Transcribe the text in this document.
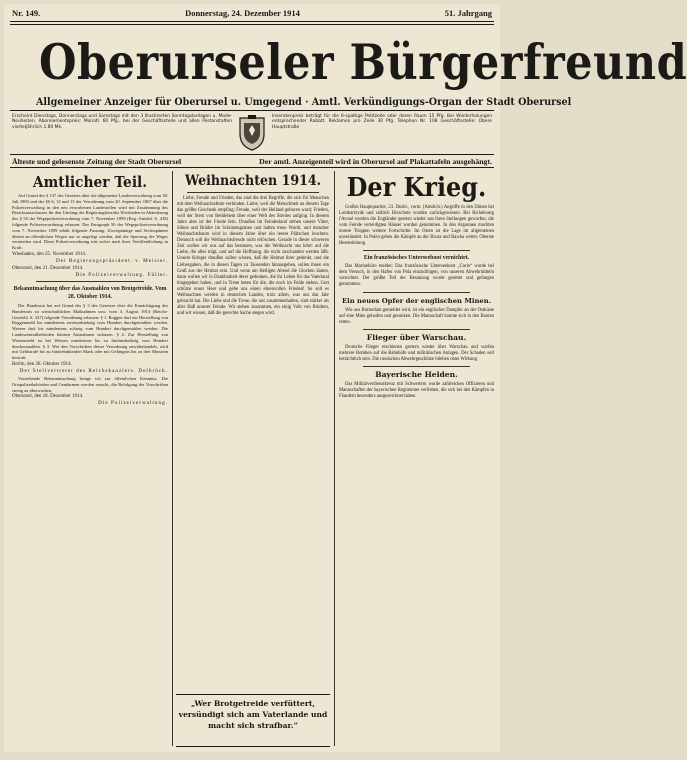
Nr. 149.	Donnerstag, 24. Dezember 1914	51. Jahrgang
Oberurseler Bürgerfreund
Allgemeiner Anzeiger für Oberursel u. Umgegend · Amtl. Verkündigungs-Organ der Stadt Oberursel
Erscheint Dienstags, Donnerstags und Samstags mit den 3 Illustrierten Sonntagsbeilagen u. Mode-Neuheiten. Abonnementspreis: Monatl. 60 Pfg., bei der Geschäftsstelle und allen Postanstalten vierteljährlich 1.80 Mk.
Inseratenpreis beträgt für die 6-spaltige Petitzeile oder deren Raum 15 Pfg. Bei Wiederholungen entsprechender Rabatt. Reklamen pro Zeile 30 Pfg. Telephon Nr. 108 Geschäftsstelle: Obere Hauptstraße
Älteste und gelesenste Zeitung der Stadt Oberursel	Der amtl. Anzeigenteil wird in Oberursel auf Plakattafeln ausgehängt.
Amtlicher Teil.

Auf Grund des § 137 des Gesetzes über die allgemeine Landesverwaltung vom 30. Juli 1883 und der §§ 6, 12 und 15 der Verordnung vom 20. September 1867 über die Polizeiverwaltung in den neu erworbenen Landesteilen wird mit Zustimmung des Bezirksausschusses für den Umfang des Regierungsbezirks Wiesbaden in Abänderung des § 50 der Wegepolizeiverordnung vom 7. November 1899 (Reg.-Amtsbl. S. 418) folgende Polizeiverordnung erlassen: Der Paragraph 50 der Wegepolizeiverordnung vom 7. November 1899 erhält folgende Fassung: Zweispännige und Sechsspänner dürfen an öffentlichen Wegen nur so angelegt werden, daß die Sperrung des Weges vermieden wird. Diese Polizeiverordnung tritt sofort nach ihrer Veröffentlichung in Kraft.

Wiesbaden, den 25. November 1914.
Der Regierungspräsident. v. Meister.
Oberursel, den 21. Dezember 1914.
Die Polizeiverwaltung. Füller.
Bekanntmachung über das Ausmahlen von Brotgetreide. Vom 28. Oktober 1914.

Der Bundesrat hat auf Grund des § 3 des Gesetzes über die Ermächtigung des Bundesrats zu wirtschaftlichen Maßnahmen usw. vom 4. August 1914 (Reichs-Gesetzbl. S. 327) folgende Verordnung erlassen: § 1. Roggen darf zur Herstellung von Roggenmehl bis mindestens zweiundsiebzig vom Hundert durchgemahlen werden. Weizen darf bis mindestens achtzig vom Hundert durchgemahlen werden. Die Landeszentralbehörden können Ausnahmen zulassen. § 2. Zur Herstellung von Weizenmehl ist bei Weizen mindestens bis zu fünfundsiebzig vom Hundert durchzumahlen. § 3. Wer den Vorschriften dieser Verordnung zuwiderhandelt, wird mit Geldstrafe bis zu fünfzehnhundert Mark oder mit Gefängnis bis zu drei Monaten bestraft.

Berlin, den 28. Oktober 1914.
Der Stellvertreter des Reichskanzlers. Delbrück.

Vorstehende Bekanntmachung bringe ich zur öffentlichen Kenntnis. Die Ortspolizeibehörden und Gendarmen werden ersucht, die Befolgung der Vorschriften streng zu überwachen.

Oberursel, den 18. Dezember 1914.
Die Polizeiverwaltung.
Weihnachten 1914.

Liebe, Freude und Frieden, das sind die drei Begriffe, die sich für Menschen mit dem Weihnachtsfeste verbinden. Liebe, weil die Menschheit an diesem Tage das größte Geschenk empfing; Freude, weil der Heiland geboren ward; Frieden, weil der Stern von Bethlehem über einer Welt des Streites aufging. In diesem Jahre aber ist der Friede fern. Draußen im Feindesland stehen unsere Väter, Söhne und Brüder im Schützengraben und halten treue Wacht, und mancher Weihnachtsbaum wird in diesem Jahre über ein leeres Plätzchen leuchten. Dennoch soll die Weihnachtsfreude nicht erlöschen. Gerade in dieser schweren Zeit wollen wir uns auf das besinnen, was die Weihnacht uns lehrt: auf die Liebe, die alles trägt, und auf die Hoffnung, die nicht zuschanden werden läßt. Unsere Krieger draußen sollen wissen, daß die Heimat ihrer gedenkt, und die Liebesgaben, die in diesen Tagen zu Tausenden hinausgehen, sollen ihnen ein Gruß aus der Heimat sein. Und wenn am Heiligen Abend die Glocken läuten, dann wollen wir in Dankbarkeit derer gedenken, die ihr Leben für das Vaterland hingegeben haben, und in Treue beten für die, die noch im Felde stehen. Gott schütze unser Heer und gebe uns einen ehrenvollen Frieden! So soll es Weihnachten werden in deutschen Landen, trotz allem, was uns das Jahr gebracht hat. Die Liebe und die Treue, die uns zusammenhalten, sind stärker als aller Haß unserer Feinde. Wir stehen zusammen, ein einig Volk von Brüdern, und wir wissen, daß die gerechte Sache siegen wird.

„Wer Brotgetreide verfüttert, versündigt sich am Vaterlande und macht sich strafbar.“
Der Krieg.

Großes Hauptquartier, 23. Dezbr., vorm. (Amtlich.) Angriffe in den Dünen bei Lombartzyde und südlich Bixschote wurden zurückgewiesen. Bei Richebourg l'Avoué wurden die Engländer gestern wieder aus ihren Stellungen geworfen; die vom Feinde verteidigten Häuser wurden genommen. In den Argonnen machten unsere Truppen weitere Fortschritte. Im Osten ist die Lage im allgemeinen unverändert. In Polen gehen die Kämpfe an der Bzura und Rawka weiter. Oberste Heeresleitung.

Ein französisches Unterseeboot vernichtet.

Das Marinebüro meldet: Das französische Unterseeboot „Curie“ wurde bei dem Versuch, in den Hafen von Pola einzudringen, von unseren Abwehrmitteln vernichtet. Der größte Teil der Besatzung wurde gerettet und gefangen genommen.

Ein neues Opfer der englischen Minen.

Wie aus Rotterdam gemeldet wird, ist ein englischer Dampfer an der Ostküste auf eine Mine gelaufen und gesunken. Die Mannschaft konnte sich in den Booten retten.

Flieger über Warschau.

Deutsche Flieger erschienen gestern wieder über Warschau und warfen mehrere Bomben auf die Bahnhöfe und militärischen Anlagen. Der Schaden soll beträchtlich sein. Die russischen Abwehrgeschütze blieben ohne Wirkung.

Bayerische Helden.

Das Militärverdienstkreuz mit Schwertern wurde zahlreichen Offizieren und Mannschaften der bayerischen Regimenter verliehen, die sich bei den Kämpfen in Flandern besonders ausgezeichnet haben.
